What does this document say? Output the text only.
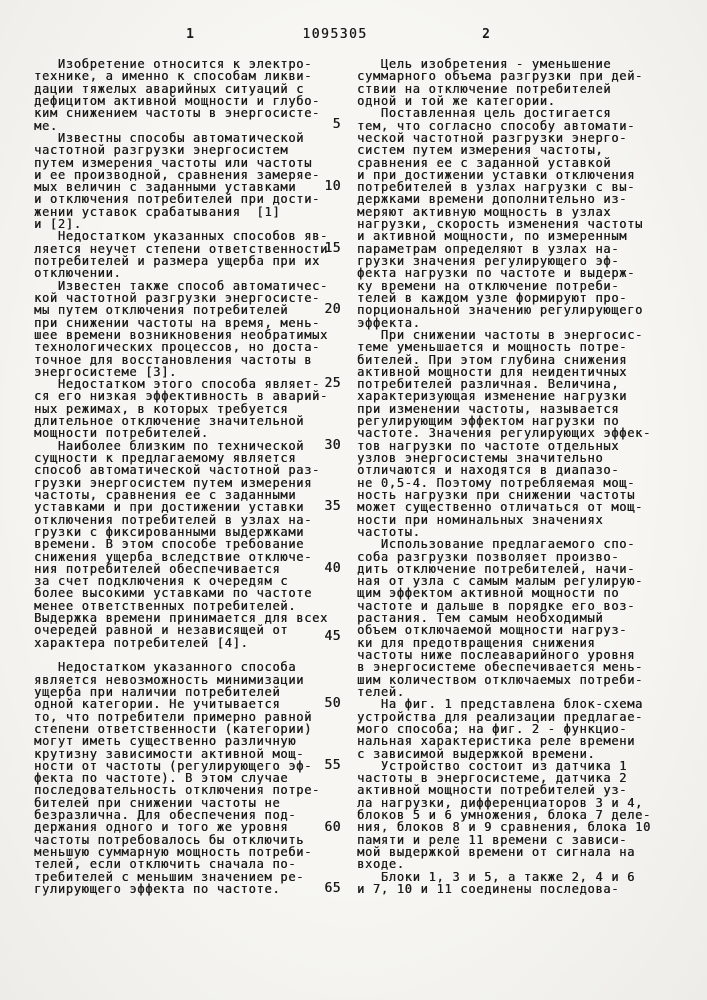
1	1095305	2
Изобретение относится к электро-
технике, а именно к способам ликви-
дации тяжелых аварийных ситуаций с
дефицитом активной мощности и глубо-
ким снижением частоты в энергосисте-
ме.
Известны способы автоматической
частотной разгрузки энергосистем
путем измерения частоты или частоты
и ее производной, сравнения замеряе-
мых величин с заданными уставками
и отключения потребителей при дости-
жении уставок срабатывания  [1]
и [2].
Недостатком указанных способов яв-
ляется неучет степени ответственности
потребителей и размера ущерба при их
отключении.
Известен также способ автоматичес-
кой частотной разгрузки энергосисте-
мы путем отключения потребителей
при снижении частоты на время, мень-
шее времени возникновения необратимых
технологических процессов, но доста-
точное для восстановления частоты в
энергосистеме [3].
Недостатком этого способа являет-
ся его низкая эффективность в аварий-
ных режимах, в которых требуется
длительное отключение значительной
мощности потребителей.
Наиболее близким по технической
сущности к предлагаемому является
способ автоматической частотной раз-
грузки энергосистем путем измерения
частоты, сравнения ее с заданными
уставками и при достижении уставки
отключения потребителей в узлах на-
грузки с фиксированными выдержками
времени. В этом способе требование
снижения ущерба вследствие отключе-
ния потребителей обеспечивается
за счет подключения к очередям с
более высокими уставками по частоте
менее ответственных потребителей.
Выдержка времени принимается для всех
очередей равной и независящей от
характера потребителей [4].

Недостатком указанного способа
является невозможность минимизации
ущерба при наличии потребителей
одной категории. Не учитывается
то, что потребители примерно равной
степени ответственности (категории)
могут иметь существенно различную
крутизну зависимости активной мощ-
ности от частоты (регулирующего эф-
фекта по частоте). В этом случае
последовательность отключения потре-
бителей при снижении частоты не
безразлична. Для обеспечения под-
держания одного и того же уровня
частоты потребовалось бы отключить
меньшую суммарную мощность потреби-
телей, если отключить сначала по-
требителей с меньшим значением ре-
гулирующего эффекта по частоте.
Цель изобретения - уменьшение
суммарного объема разгрузки при дей-
ствии на отключение потребителей
одной и той же категории.
Поставленная цель достигается
тем, что согласно способу автомати-
ческой частотной разгрузки энерго-
систем путем измерения частоты,
сравнения ее с заданной уставкой
и при достижении уставки отключения
потребителей в узлах нагрузки с вы-
держками времени дополнительно из-
меряют активную мощность в узлах
нагрузки, скорость изменения частоты
и активной мощности, по измеренным
параметрам определяют в узлах на-
грузки значения регулирующего эф-
фекта нагрузки по частоте и выдерж-
ку времени на отключение потреби-
телей в каждом узле формируют про-
порциональной значению регулирующего
эффекта.
При снижении частоты в энергосис-
теме уменьшается и мощность потре-
бителей. При этом глубина снижения
активной мощности для неидентичных
потребителей различная. Величина,
характеризующая изменение нагрузки
при изменении частоты, называется
регулирующим эффектом нагрузки по
частоте. Значения регулирующих эффек-
тов нагрузки по частоте отдельных
узлов энергосистемы значительно
отличаются и находятся в диапазо-
не 0,5-4. Поэтому потребляемая мощ-
ность нагрузки при снижении частоты
может существенно отличаться от мощ-
ности при номинальных значениях
частоты.
Использование предлагаемого спо-
соба разгрузки позволяет произво-
дить отключение потребителей, начи-
ная от узла с самым малым регулирую-
щим эффектом активной мощности по
частоте и дальше в порядке его воз-
растания. Тем самым необходимый
объем отключаемой мощности нагруз-
ки для предотвращения снижения
частоты ниже послеаварийного уровня
в энергосистеме обеспечивается мень-
шим количеством отключаемых потреби-
телей.
На фиг. 1 представлена блок-схема
устройства для реализации предлагае-
мого способа; на фиг. 2 - функцио-
нальная характеристика реле времени
с зависимой выдержкой времени.
Устройство состоит из датчика 1
частоты в энергосистеме, датчика 2
активной мощности потребителей уз-
ла нагрузки, дифференциаторов 3 и 4,
блоков 5 и 6 умножения, блока 7 деле-
ния, блоков 8 и 9 сравнения, блока 10
памяти и реле 11 времени с зависи-
мой выдержкой времени от сигнала на
входе.
Блоки 1, 3 и 5, а также 2, 4 и 6
и 7, 10 и 11 соединены последова-
5
10
15
20
25
30
35
40
45
50
55
60
65
